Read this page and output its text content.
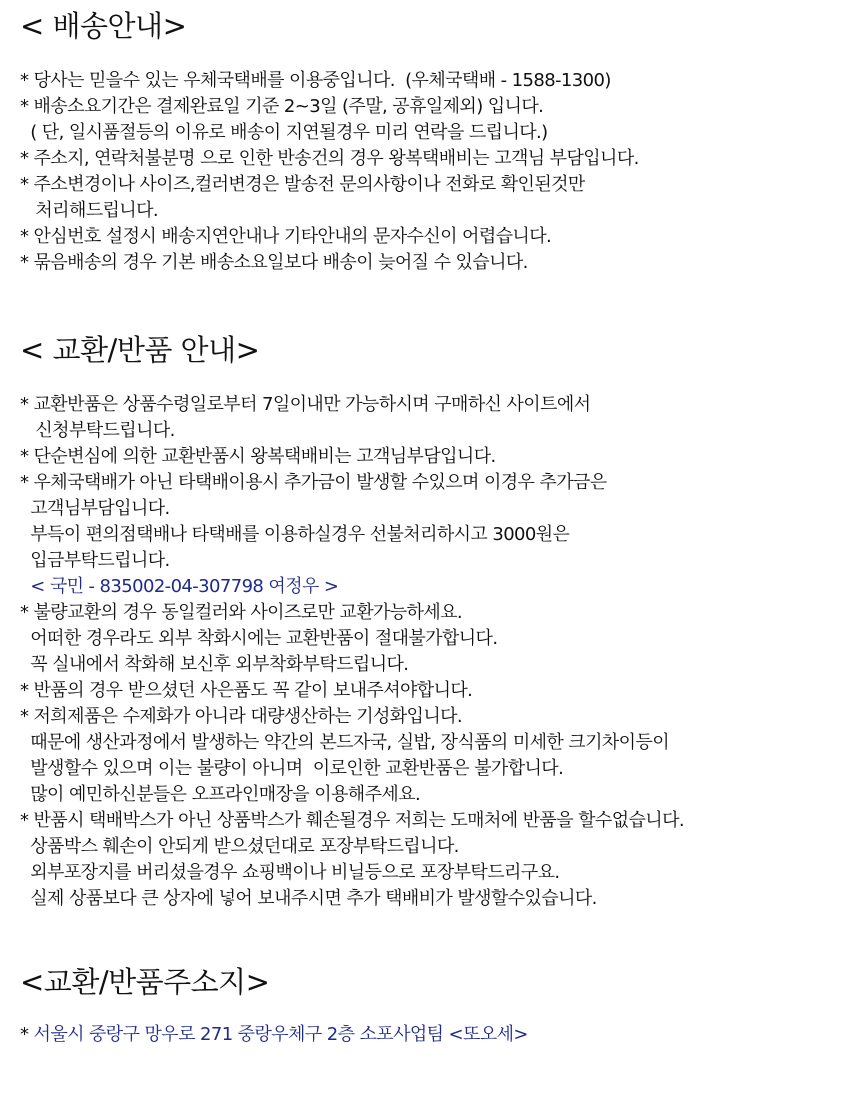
< 배송안내>
* 당사는 믿을수 있는 우체국택배를 이용중입니다.  (우체국택배 - 1588-1300)
* 배송소요기간은 결제완료일 기준 2~3일 (주말, 공휴일제외) 입니다.
( 단, 일시품절등의 이유로 배송이 지연될경우 미리 연락을 드립니다.)
* 주소지, 연락처불분명 으로 인한 반송건의 경우 왕복택배비는 고객님 부담입니다.
* 주소변경이나 사이즈,컬러변경은 발송전 문의사항이나 전화로 확인된것만
처리해드립니다.
* 안심번호 설정시 배송지연안내나 기타안내의 문자수신이 어렵습니다.
* 묶음배송의 경우 기본 배송소요일보다 배송이 늦어질 수 있습니다.
< 교환/반품 안내>
* 교환반품은 상품수령일로부터 7일이내만 가능하시며 구매하신 사이트에서
신청부탁드립니다.
* 단순변심에 의한 교환반품시 왕복택배비는 고객님부담입니다.
* 우체국택배가 아닌 타택배이용시 추가금이 발생할 수있으며 이경우 추가금은
고객님부담입니다.
부득이 편의점택배나 타택배를 이용하실경우 선불처리하시고 3000원은
입금부탁드립니다.
< 국민 - 835002-04-307798 여정우 >
* 불량교환의 경우 동일컬러와 사이즈로만 교환가능하세요.
어떠한 경우라도 외부 착화시에는 교환반품이 절대불가합니다.
꼭 실내에서 착화해 보신후 외부착화부탁드립니다.
* 반품의 경우 받으셨던 사은품도 꼭 같이 보내주셔야합니다.
* 저희제품은 수제화가 아니라 대량생산하는 기성화입니다.
때문에 생산과정에서 발생하는 약간의 본드자국, 실밥, 장식품의 미세한 크기차이등이
발생할수 있으며 이는 불량이 아니며  이로인한 교환반품은 불가합니다.
많이 예민하신분들은 오프라인매장을 이용해주세요.
* 반품시 택배박스가 아닌 상품박스가 훼손될경우 저희는 도매처에 반품을 할수없습니다.
상품박스 훼손이 안되게 받으셨던대로 포장부탁드립니다.
외부포장지를 버리셨을경우 쇼핑백이나 비닐등으로 포장부탁드리구요.
실제 상품보다 큰 상자에 넣어 보내주시면 추가 택배비가 발생할수있습니다.
<교환/반품주소지>
* 서울시 중랑구 망우로 271 중랑우체구 2층 소포사업팀 <또오세>
